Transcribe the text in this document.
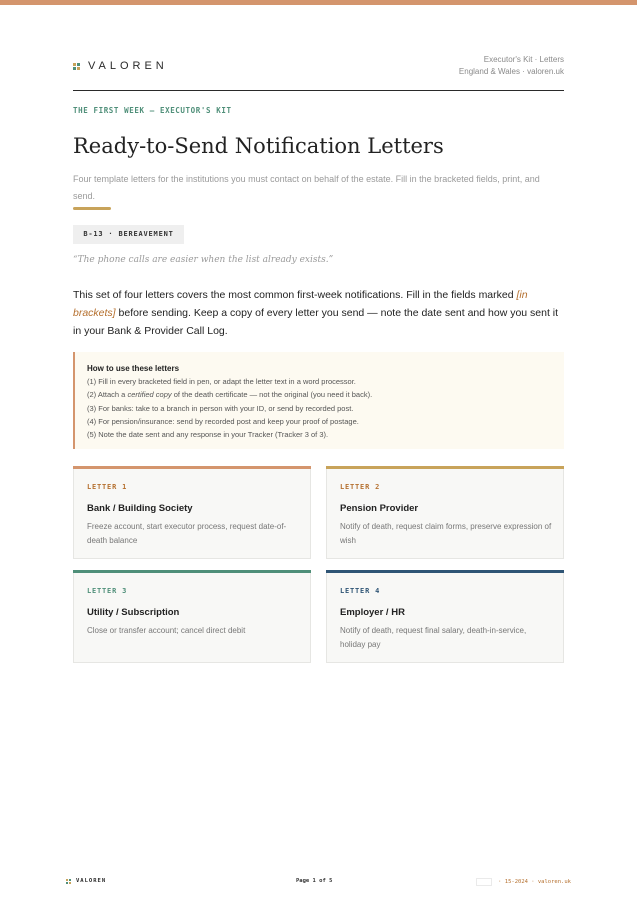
VALOREN
Executor's Kit · Letters
England & Wales · valoren.uk
THE FIRST WEEK — EXECUTOR'S KIT
Ready-to-Send Notification Letters
Four template letters for the institutions you must contact on behalf of the estate. Fill in the bracketed fields, print, and send.
B-13 · BEREAVEMENT
“The phone calls are easier when the list already exists.”
This set of four letters covers the most common first-week notifications. Fill in the fields marked [in brackets] before sending. Keep a copy of every letter you send — note the date sent and how you sent it in your Bank & Provider Call Log.
How to use these letters
(1) Fill in every bracketed field in pen, or adapt the letter text in a word processor.
(2) Attach a certified copy of the death certificate — not the original (you need it back).
(3) For banks: take to a branch in person with your ID, or send by recorded post.
(4) For pension/insurance: send by recorded post and keep your proof of postage.
(5) Note the date sent and any response in your Tracker (Tracker 3 of 3).
LETTER 1
Bank / Building Society
Freeze account, start executor process, request date-of-death balance
LETTER 2
Pension Provider
Notify of death, request claim forms, preserve expression of wish
LETTER 3
Utility / Subscription
Close or transfer account; cancel direct debit
LETTER 4
Employer / HR
Notify of death, request final salary, death-in-service, holiday pay
VALOREN	Page 1 of 5	· 15-2024 · valoren.uk
